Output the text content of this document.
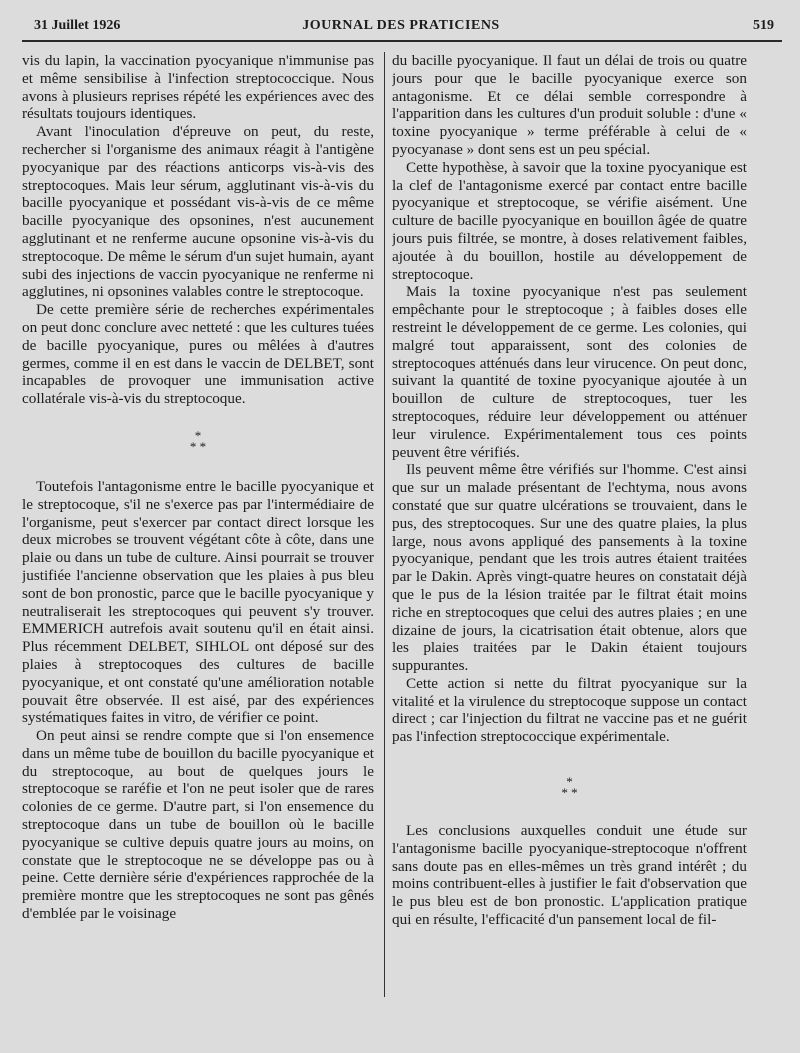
31 Juillet 1926	JOURNAL DES PRATICIENS	519

vis du lapin, la vaccination pyocyanique n'immunise pas et même sensibilise à l'infection streptococcique. Nous avons à plusieurs reprises répété les expériences avec des résultats toujours identiques.

Avant l'inoculation d'épreuve on peut, du reste, rechercher si l'organisme des animaux réagit à l'antigène pyocyanique par des réactions anticorps vis-à-vis des streptocoques. Mais leur sérum, agglutinant vis-à-vis du bacille pyocyanique et possédant vis-à-vis de ce même bacille pyocyanique des opsonines, n'est aucunement agglutinant et ne renferme aucune opsonine vis-à-vis du streptocoque. De même le sérum d'un sujet humain, ayant subi des injections de vaccin pyocyanique ne renferme ni agglutines, ni opsonines valables contre le streptocoque.

De cette première série de recherches expérimentales on peut donc conclure avec netteté : que les cultures tuées de bacille pyocyanique, pures ou mêlées à d'autres germes, comme il en est dans le vaccin de DELBET, sont incapables de provoquer une immunisation active collatérale vis-à-vis du streptocoque.

*
* *

Toutefois l'antagonisme entre le bacille pyocyanique et le streptocoque, s'il ne s'exerce pas par l'intermédiaire de l'organisme, peut s'exercer par contact direct lorsque les deux microbes se trouvent végétant côte à côte, dans une plaie ou dans un tube de culture. Ainsi pourrait se trouver justifiée l'ancienne observation que les plaies à pus bleu sont de bon pronostic, parce que le bacille pyocyanique y neutraliserait les streptocoques qui peuvent s'y trouver. EMMERICH autrefois avait soutenu qu'il en était ainsi. Plus récemment DELBET, SIHLOL ont déposé sur des plaies à streptocoques des cultures de bacille pyocyanique, et ont constaté qu'une amélioration notable pouvait être observée. Il est aisé, par des expériences systématiques faites in vitro, de vérifier ce point.

On peut ainsi se rendre compte que si l'on ensemence dans un même tube de bouillon du bacille pyocyanique et du streptocoque, au bout de quelques jours le streptocoque se raréfie et l'on ne peut isoler que de rares colonies de ce germe. D'autre part, si l'on ensemence du streptocoque dans un tube de bouillon où le bacille pyocyanique se cultive depuis quatre jours au moins, on constate que le streptocoque ne se développe pas ou à peine. Cette dernière série d'expériences rapprochée de la première montre que les streptocoques ne sont pas gênés d'emblée par le voisinage

du bacille pyocyanique. Il faut un délai de trois ou quatre jours pour que le bacille pyocyanique exerce son antagonisme. Et ce délai semble correspondre à l'apparition dans les cultures d'un produit soluble : d'une « toxine pyocyanique » terme préférable à celui de « pyocyanase » dont sens est un peu spécial.

Cette hypothèse, à savoir que la toxine pyocyanique est la clef de l'antagonisme exercé par contact entre bacille pyocyanique et streptocoque, se vérifie aisément. Une culture de bacille pyocyanique en bouillon âgée de quatre jours puis filtrée, se montre, à doses relativement faibles, ajoutée à du bouillon, hostile au développement de streptocoque.

Mais la toxine pyocyanique n'est pas seulement empêchante pour le streptocoque ; à faibles doses elle restreint le développement de ce germe. Les colonies, qui malgré tout apparaissent, sont des colonies de streptocoques atténués dans leur virucence. On peut donc, suivant la quantité de toxine pyocyanique ajoutée à un bouillon de culture de streptocoques, tuer les streptocoques, réduire leur développement ou atténuer leur virulence. Expérimentalement tous ces points peuvent être vérifiés.

Ils peuvent même être vérifiés sur l'homme. C'est ainsi que sur un malade présentant de l'echtyma, nous avons constaté que sur quatre ulcérations se trouvaient, dans le pus, des streptocoques. Sur une des quatre plaies, la plus large, nous avons appliqué des pansements à la toxine pyocyanique, pendant que les trois autres étaient traitées par le Dakin. Après vingt-quatre heures on constatait déjà que le pus de la lésion traitée par le filtrat était moins riche en streptocoques que celui des autres plaies ; en une dizaine de jours, la cicatrisation était obtenue, alors que les plaies traitées par le Dakin étaient toujours suppurantes.

Cette action si nette du filtrat pyocyanique sur la vitalité et la virulence du streptocoque suppose un contact direct ; car l'injection du filtrat ne vaccine pas et ne guérit pas l'infection streptococcique expérimentale.

*
* *

Les conclusions auxquelles conduit une étude sur l'antagonisme bacille pyocyanique-streptocoque n'offrent sans doute pas en elles-mêmes un très grand intérêt ; du moins contribuent-elles à justifier le fait d'observation que le pus bleu est de bon pronostic. L'application pratique qui en résulte, l'efficacité d'un pansement local de fil-
